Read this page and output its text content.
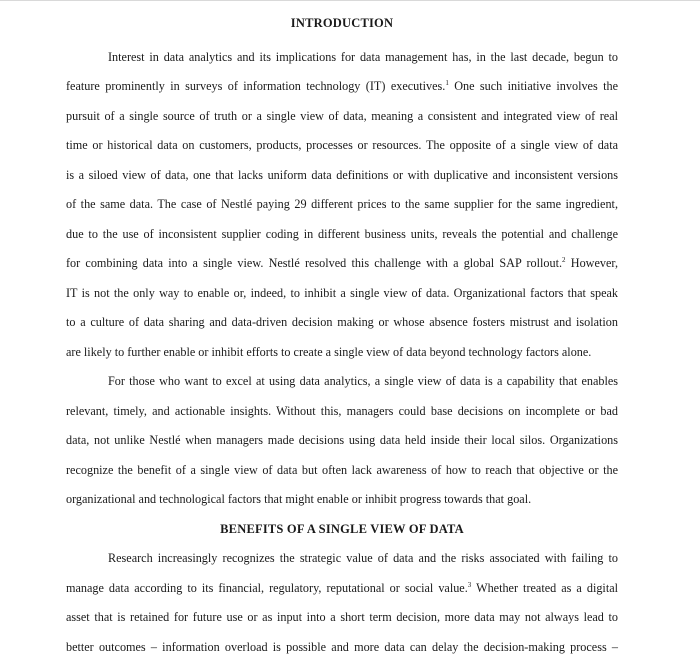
INTRODUCTION
Interest in data analytics and its implications for data management has, in the last decade, begun to
feature prominently in surveys of information technology (IT) executives.$^1$ One such initiative involves the
pursuit of a single source of truth or a single view of data, meaning a consistent and integrated view of real
time or historical data on customers, products, processes or resources. The opposite of a single view of data
is a siloed view of data, one that lacks uniform data definitions or with duplicative and inconsistent versions
of the same data. The case of Nestlé paying 29 different prices to the same supplier for the same ingredient,
due to the use of inconsistent supplier coding in different business units, reveals the potential and challenge
for combining data into a single view. Nestlé resolved this challenge with a global SAP rollout.$^2$ However,
IT is not the only way to enable or, indeed, to inhibit a single view of data. Organizational factors that speak
to a culture of data sharing and data-driven decision making or whose absence fosters mistrust and isolation
are likely to further enable or inhibit efforts to create a single view of data beyond technology factors alone.
For those who want to excel at using data analytics, a single view of data is a capability that enables
relevant, timely, and actionable insights. Without this, managers could base decisions on incomplete or bad
data, not unlike Nestlé when managers made decisions using data held inside their local silos. Organizations
recognize the benefit of a single view of data but often lack awareness of how to reach that objective or the
organizational and technological factors that might enable or inhibit progress towards that goal.
BENEFITS OF A SINGLE VIEW OF DATA
Research increasingly recognizes the strategic value of data and the risks associated with failing to
manage data according to its financial, regulatory, reputational or social value.$^3$ Whether treated as a digital
asset that is retained for future use or as input into a short term decision, more data may not always lead to
better outcomes – information overload is possible and more data can delay the decision-making process –
